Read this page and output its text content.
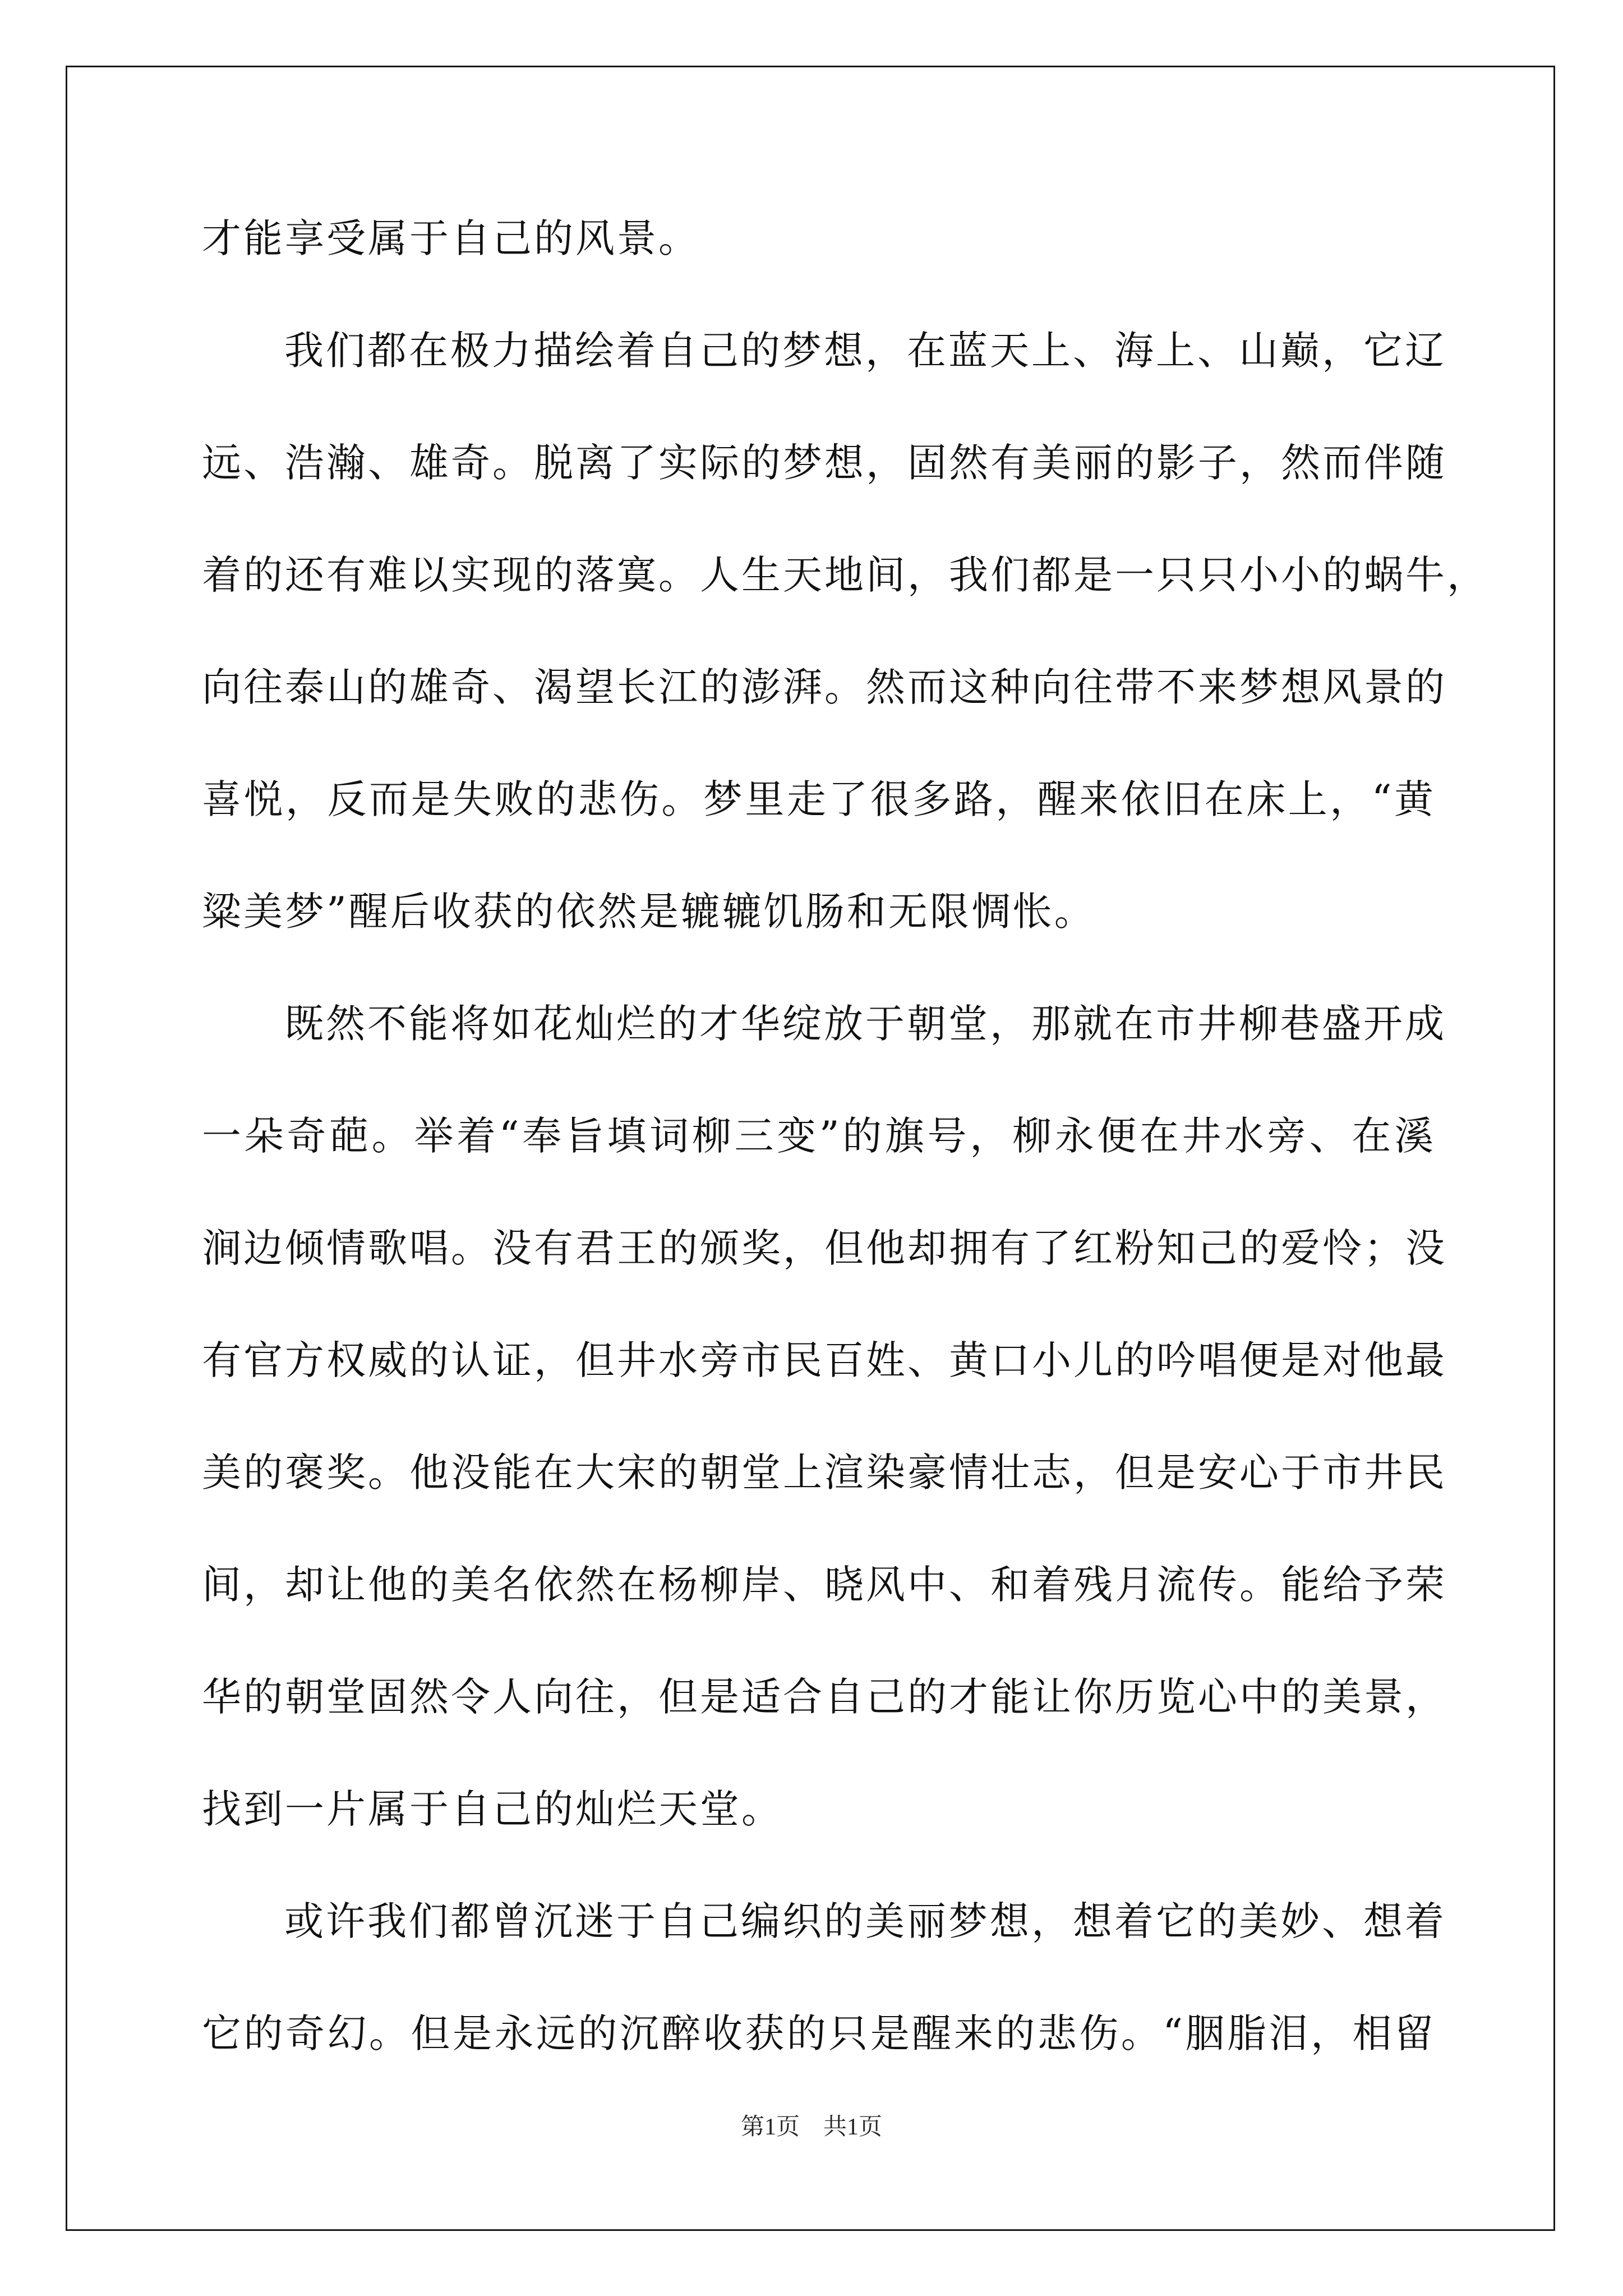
才能享受属于自己的风景。
我们都在极力描绘着自己的梦想，在蓝天上、海上、山巅，它辽
远、浩瀚、雄奇。脱离了实际的梦想，固然有美丽的影子，然而伴随
着的还有难以实现的落寞。人生天地间，我们都是一只只小小的蜗牛，
向往泰山的雄奇、渴望长江的澎湃。然而这种向往带不来梦想风景的
喜悦，反而是失败的悲伤。梦里走了很多路，醒来依旧在床上，“黄
粱美梦”醒后收获的依然是辘辘饥肠和无限惆怅。
既然不能将如花灿烂的才华绽放于朝堂，那就在市井柳巷盛开成
一朵奇葩。举着“奉旨填词柳三变”的旗号，柳永便在井水旁、在溪
涧边倾情歌唱。没有君王的颁奖，但他却拥有了红粉知己的爱怜；没
有官方权威的认证，但井水旁市民百姓、黄口小儿的吟唱便是对他最
美的褒奖。他没能在大宋的朝堂上渲染豪情壮志，但是安心于市井民
间，却让他的美名依然在杨柳岸、晓风中、和着残月流传。能给予荣
华的朝堂固然令人向往，但是适合自己的才能让你历览心中的美景，
找到一片属于自己的灿烂天堂。
或许我们都曾沉迷于自己编织的美丽梦想，想着它的美妙、想着
它的奇幻。但是永远的沉醉收获的只是醒来的悲伤。“胭脂泪，相留
第1页　共1页
